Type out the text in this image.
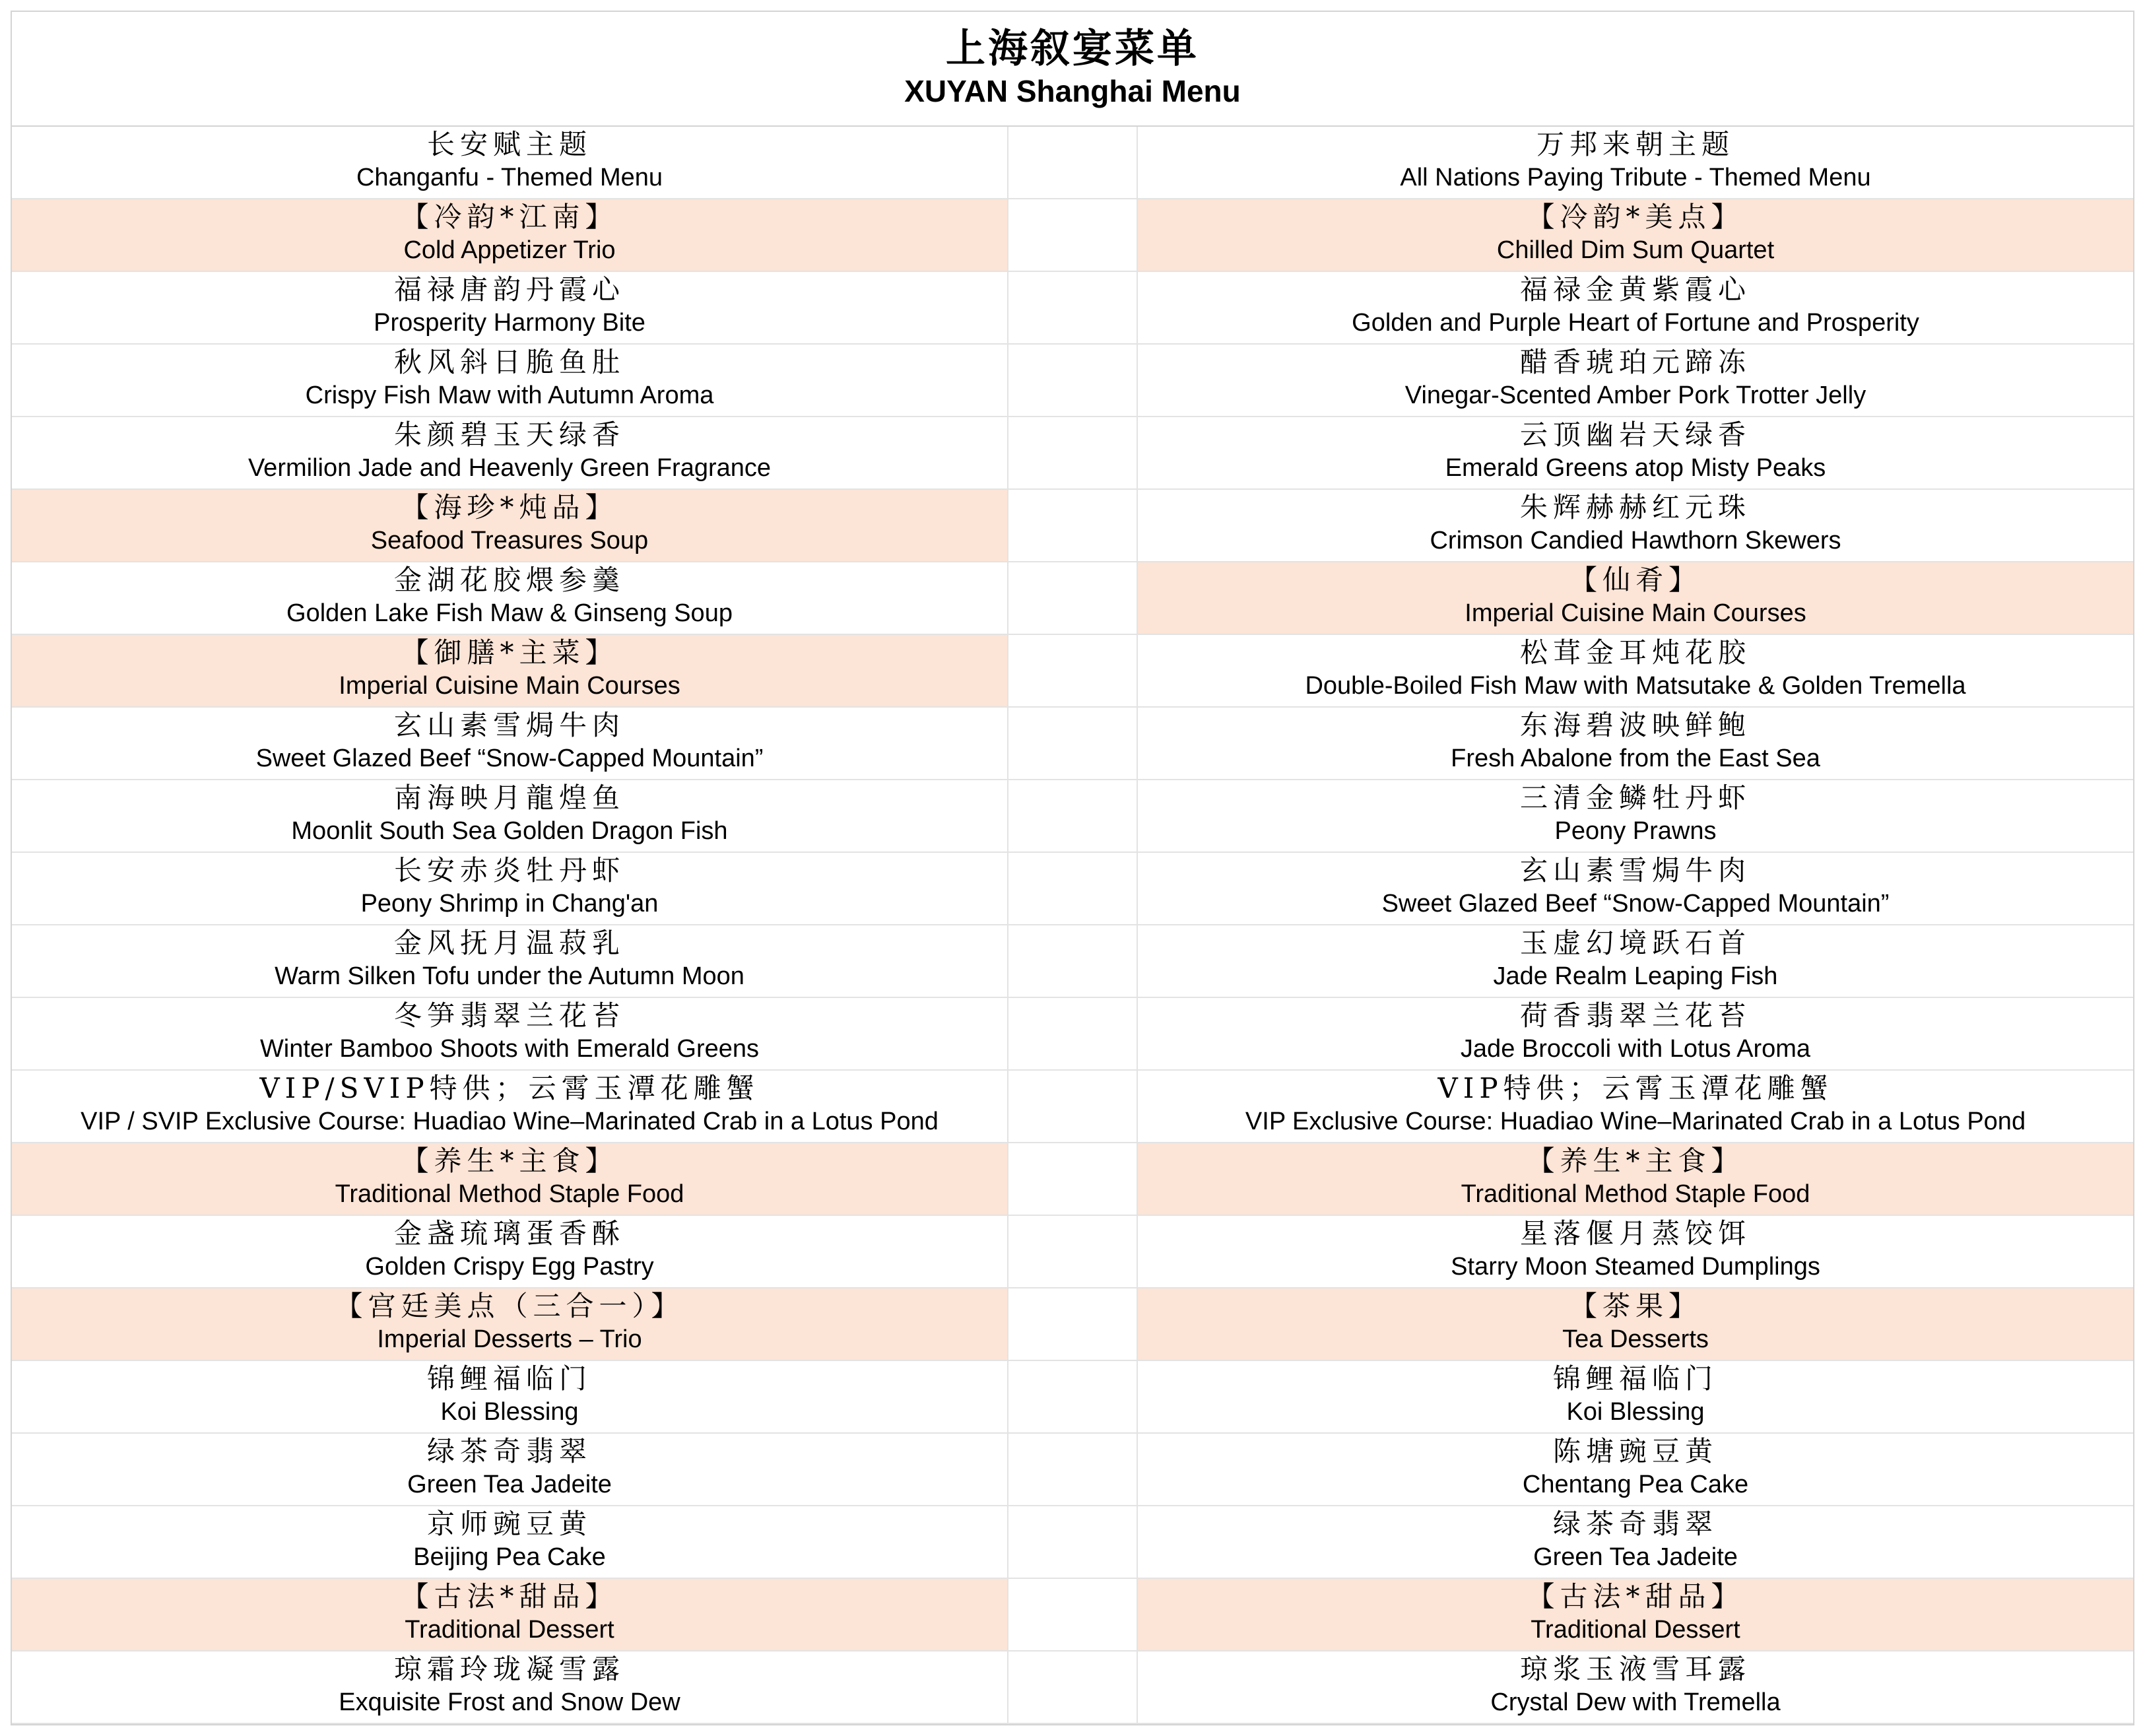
上海叙宴菜单
XUYAN Shanghai Menu
长安赋主题
Changanfu - Themed Menu
万邦来朝主题
All Nations Paying Tribute - Themed Menu
【冷韵*江南】
Cold Appetizer Trio
【冷韵*美点】
Chilled Dim Sum Quartet
福禄唐韵丹霞心
Prosperity Harmony Bite
福禄金黄紫霞心
Golden and Purple Heart of Fortune and Prosperity
秋风斜日脆鱼肚
Crispy Fish Maw with Autumn Aroma
醋香琥珀元蹄冻
Vinegar-Scented Amber Pork Trotter Jelly
朱颜碧玉天绿香
Vermilion Jade and Heavenly Green Fragrance
云顶幽岩天绿香
Emerald Greens atop Misty Peaks
【海珍*炖品】
Seafood Treasures Soup
朱辉赫赫红元珠
Crimson Candied Hawthorn Skewers
金湖花胶煨参羹
Golden Lake Fish Maw & Ginseng Soup
【仙肴】
Imperial Cuisine Main Courses
【御膳*主菜】
Imperial Cuisine Main Courses
松茸金耳炖花胶
Double-Boiled Fish Maw with Matsutake & Golden Tremella
玄山素雪焗牛肉
Sweet Glazed Beef “Snow-Capped Mountain”
东海碧波映鲜鲍
Fresh Abalone from the East Sea
南海映月龍煌鱼
Moonlit South Sea Golden Dragon Fish
三清金鳞牡丹虾
Peony Prawns
长安赤炎牡丹虾
Peony Shrimp in Chang'an
玄山素雪焗牛肉
Sweet Glazed Beef “Snow-Capped Mountain”
金风抚月温菽乳
Warm Silken Tofu under the Autumn Moon
玉虚幻境跃石首
Jade Realm Leaping Fish
冬笋翡翠兰花苔
Winter Bamboo Shoots with Emerald Greens
荷香翡翠兰花苔
Jade Broccoli with Lotus Aroma
VIP/SVIP特供；云霄玉潭花雕蟹
VIP / SVIP Exclusive Course: Huadiao Wine–Marinated Crab in a Lotus Pond
VIP特供；云霄玉潭花雕蟹
VIP Exclusive Course: Huadiao Wine–Marinated Crab in a Lotus Pond
【养生*主食】
Traditional Method Staple Food
【养生*主食】
Traditional Method Staple Food
金盏琉璃蛋香酥
Golden Crispy Egg Pastry
星落偃月蒸饺饵
Starry Moon Steamed Dumplings
【宫廷美点（三合一）】
Imperial Desserts – Trio
【茶果】
Tea Desserts
锦鲤福临门
Koi Blessing
锦鲤福临门
Koi Blessing
绿茶奇翡翠
Green Tea Jadeite
陈塘豌豆黄
Chentang Pea Cake
京师豌豆黄
Beijing Pea Cake
绿茶奇翡翠
Green Tea Jadeite
【古法*甜品】
Traditional Dessert
【古法*甜品】
Traditional Dessert
琼霜玲珑凝雪露
Exquisite Frost and Snow Dew
琼浆玉液雪耳露
Crystal Dew with Tremella
